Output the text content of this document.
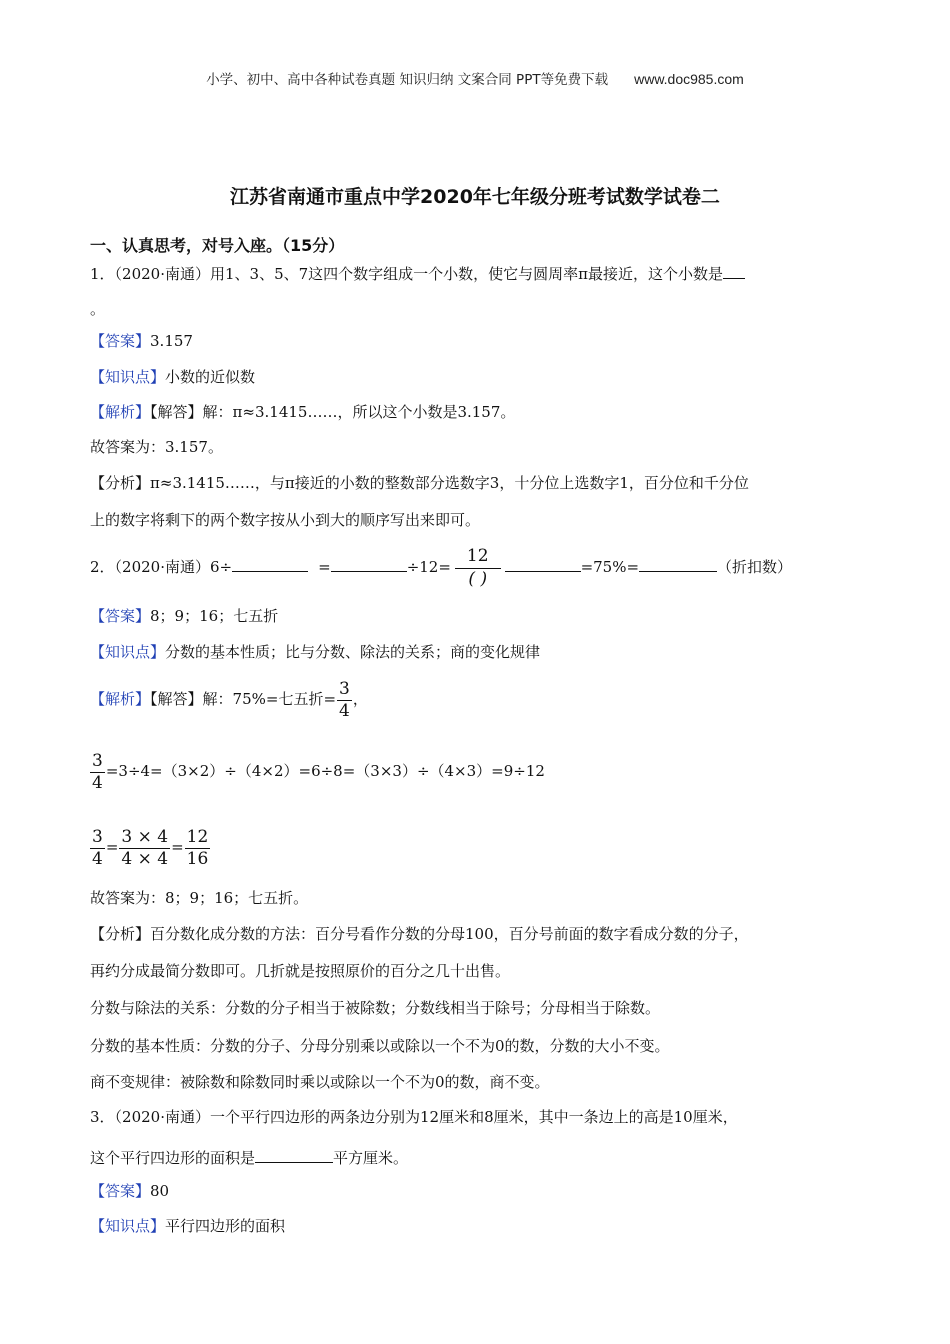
小学、初中、高中各种试卷真题 知识归纳 文案合同 PPT等免费下载 www.doc985.com
江苏省南通市重点中学2020年七年级分班考试数学试卷二
一、认真思考，对号入座。（15分）
1．（2020·南通）用1、3、5、7这四个数字组成一个小数，使它与圆周率π最接近，这个小数是
。
【答案】3.157
【知识点】小数的近似数
【解析】【解答】解：π≈3.1415……，所以这个小数是3.157。
故答案为：3.157。
【分析】π≈3.1415……，与π接近的小数的整数部分选数字3，十分位上选数字1，百分位和千分位
上的数字将剩下的两个数字按从小到大的顺序写出来即可。
2．（2020·南通）6÷	=	$\div 12= \frac{12}{( )}$	=75%=	（折扣数）
【答案】8；9；16；七五折
【知识点】分数的基本性质；比与分数、除法的关系；商的变化规律
【解析】【解答】解：75%=七五折= $\frac{3}{4}$ ，
$\frac{3}{4} =3\div 4=(3\times 2)\div(4\times 2)=6\div 8=(3\times 3)\div(4\times 3)=9\div 12$
$\frac{3}{4} = \frac{3 \times 4}{4 \times 4} = \frac{12}{16}$
故答案为：8；9；16；七五折。
【分析】百分数化成分数的方法：百分号看作分数的分母100，百分号前面的数字看成分数的分子，
再约分成最简分数即可。几折就是按照原价的百分之几十出售。
分数与除法的关系：分数的分子相当于被除数；分数线相当于除号；分母相当于除数。
分数的基本性质：分数的分子、分母分别乘以或除以一个不为0的数，分数的大小不变。
商不变规律：被除数和除数同时乘以或除以一个不为0的数，商不变。
3．（2020·南通）一个平行四边形的两条边分别为12厘米和8厘米，其中一条边上的高是10厘米，
这个平行四边形的面积是	平方厘米。
【答案】80
【知识点】平行四边形的面积
